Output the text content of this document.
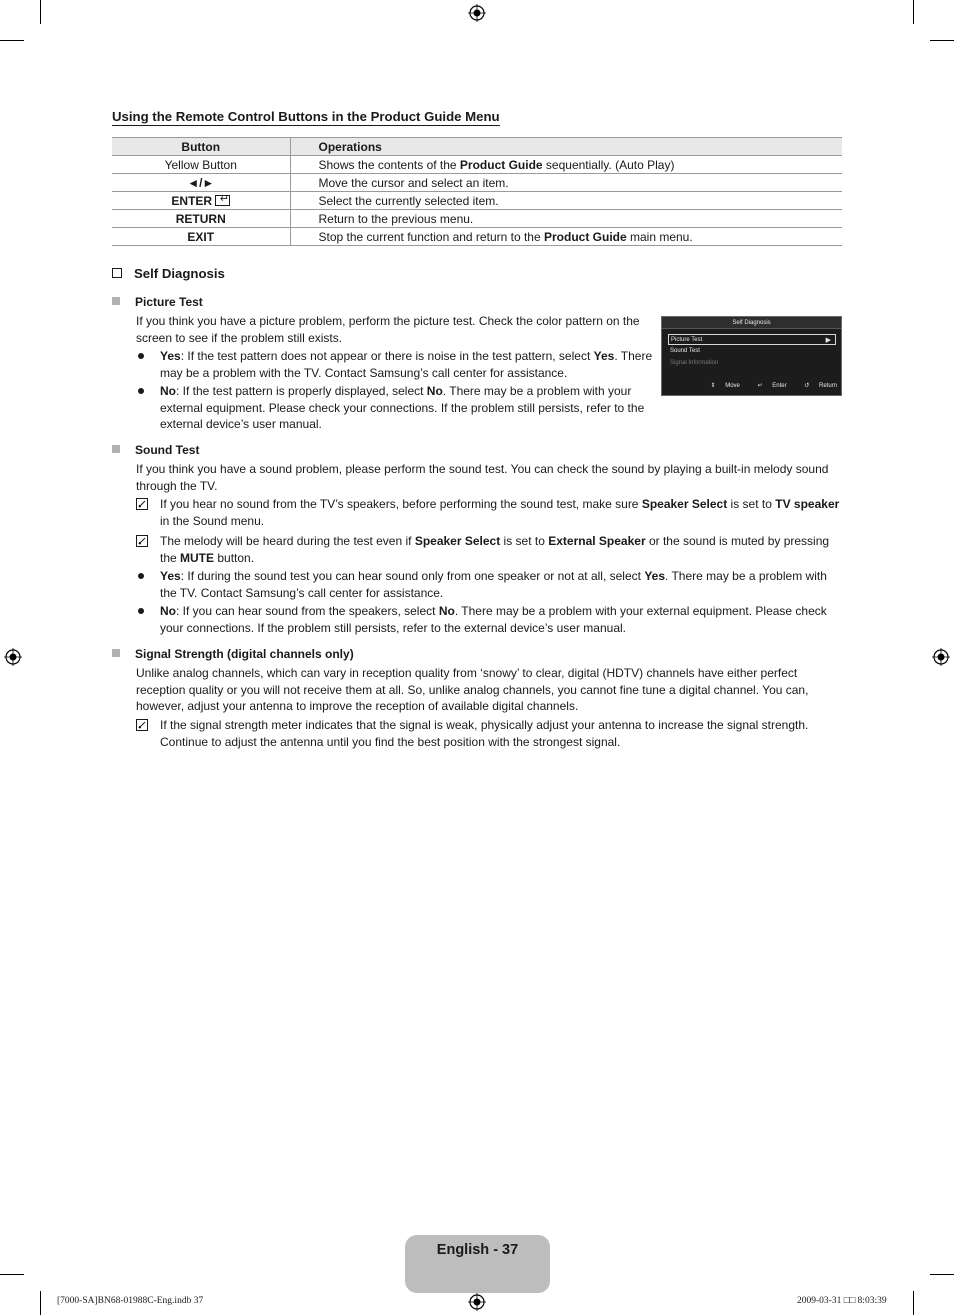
Using the Remote Control Buttons in the Product Guide Menu
Button	Operations
Yellow Button	Shows the contents of the Product Guide sequentially. (Auto Play)
◄/►	Move the cursor and select an item.
ENTER↵	Select the currently selected item.
RETURN	Return to the previous menu.
EXIT	Stop the current function and return to the Product Guide main menu.
Self Diagnosis
Picture Test
If you think you have a picture problem, perform the picture test. Check the color pattern on the screen to see if the problem still exists.
Yes: If the test pattern does not appear or there is noise in the test pattern, select Yes. There may be a problem with the TV. Contact Samsung’s call center for assistance.
No: If the test pattern is properly displayed, select No. There may be a problem with your external equipment. Please check your connections. If the problem still persists, refer to the external device’s user manual.
Self Diagnosis
Picture Test	▶
Sound Test
Signal Information
⇕ Move	↵ Enter	↺ Return
Sound Test
If you think you have a sound problem, please perform the sound test. You can check the sound by playing a built-in melody sound through the TV.
If you hear no sound from the TV’s speakers, before performing the sound test, make sure Speaker Select is set to TV speaker in the Sound menu.
The melody will be heard during the test even if Speaker Select is set to External Speaker or the sound is muted by pressing the MUTE button.
Yes: If during the sound test you can hear sound only from one speaker or not at all, select Yes. There may be a problem with the TV. Contact Samsung’s call center for assistance.
No: If you can hear sound from the speakers, select No. There may be a problem with your external equipment. Please check your connections. If the problem still persists, refer to the external device’s user manual.
Signal Strength (digital channels only)
Unlike analog channels, which can vary in reception quality from ‘snowy’ to clear, digital (HDTV) channels have either perfect reception quality or you will not receive them at all. So, unlike analog channels, you cannot fine tune a digital channel. You can, however, adjust your antenna to improve the reception of available digital channels.
If the signal strength meter indicates that the signal is weak, physically adjust your antenna to increase the signal strength. Continue to adjust the antenna until you find the best position with the strongest signal.
English - 37
[7000-SA]BN68-01988C-Eng.indb 37	2009-03-31 □□ 8:03:39
